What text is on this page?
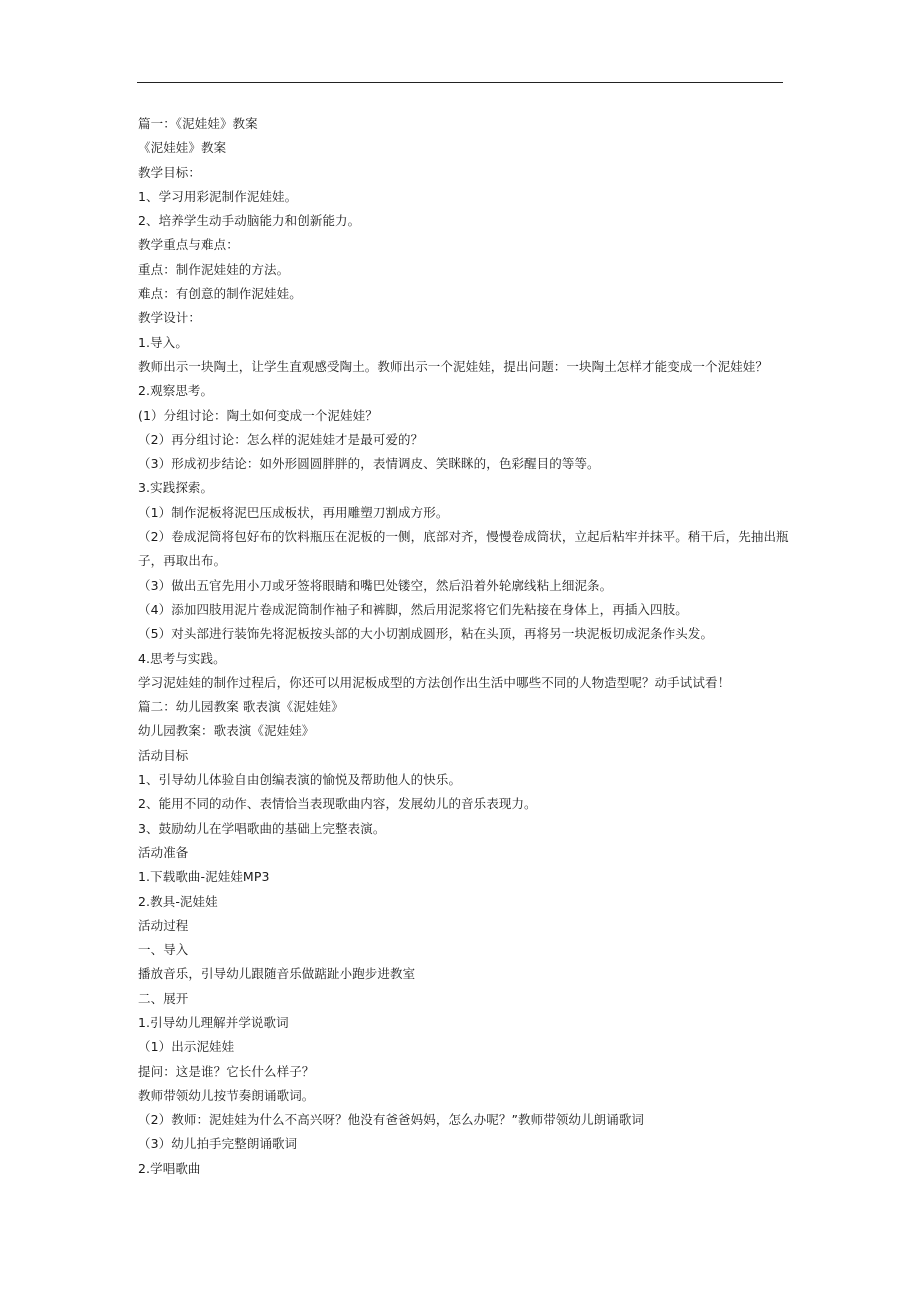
篇一：《泥娃娃》教案
《泥娃娃》教案
教学目标：
1、学习用彩泥制作泥娃娃。
2、培养学生动手动脑能力和创新能力。
教学重点与难点：
重点：制作泥娃娃的方法。
难点：有创意的制作泥娃娃。
教学设计：
1.导入。
教师出示一块陶土，让学生直观感受陶土。教师出示一个泥娃娃，提出问题：一块陶土怎样才能变成一个泥娃娃？
2.观察思考。
(1）分组讨论：陶土如何变成一个泥娃娃？
（2）再分组讨论：怎么样的泥娃娃才是最可爱的？
（3）形成初步结论：如外形圆圆胖胖的，表情调皮、笑眯眯的，色彩醒目的等等。
3.实践探索。
（1）制作泥板将泥巴压成板状，再用雕塑刀割成方形。
（2）卷成泥筒将包好布的饮料瓶压在泥板的一侧，底部对齐，慢慢卷成筒状，立起后粘牢并抹平。稍干后，先抽出瓶
子，再取出布。
（3）做出五官先用小刀或牙签将眼睛和嘴巴处镂空，然后沿着外轮廓线粘上细泥条。
（4）添加四肢用泥片卷成泥筒制作袖子和裤脚，然后用泥浆将它们先粘接在身体上，再插入四肢。
（5）对头部进行装饰先将泥板按头部的大小切割成圆形，粘在头顶，再将另一块泥板切成泥条作头发。
4.思考与实践。
学习泥娃娃的制作过程后，你还可以用泥板成型的方法创作出生活中哪些不同的人物造型呢？动手试试看！
篇二：幼儿园教案 歌表演《泥娃娃》
幼儿园教案：歌表演《泥娃娃》
活动目标
1、引导幼儿体验自由创编表演的愉悦及帮助他人的快乐。
2、能用不同的动作、表情恰当表现歌曲内容，发展幼儿的音乐表现力。
3、鼓励幼儿在学唱歌曲的基础上完整表演。
活动准备
1.下载歌曲-泥娃娃MP3
2.教具-泥娃娃
活动过程
一、导入
播放音乐，引导幼儿跟随音乐做踮趾小跑步进教室
二、展开
1.引导幼儿理解并学说歌词
（1）出示泥娃娃
提问：这是谁？它长什么样子？
教师带领幼儿按节奏朗诵歌词。
（2）教师：泥娃娃为什么不高兴呀？他没有爸爸妈妈，怎么办呢？”教师带领幼儿朗诵歌词
（3）幼儿拍手完整朗诵歌词
2.学唱歌曲
